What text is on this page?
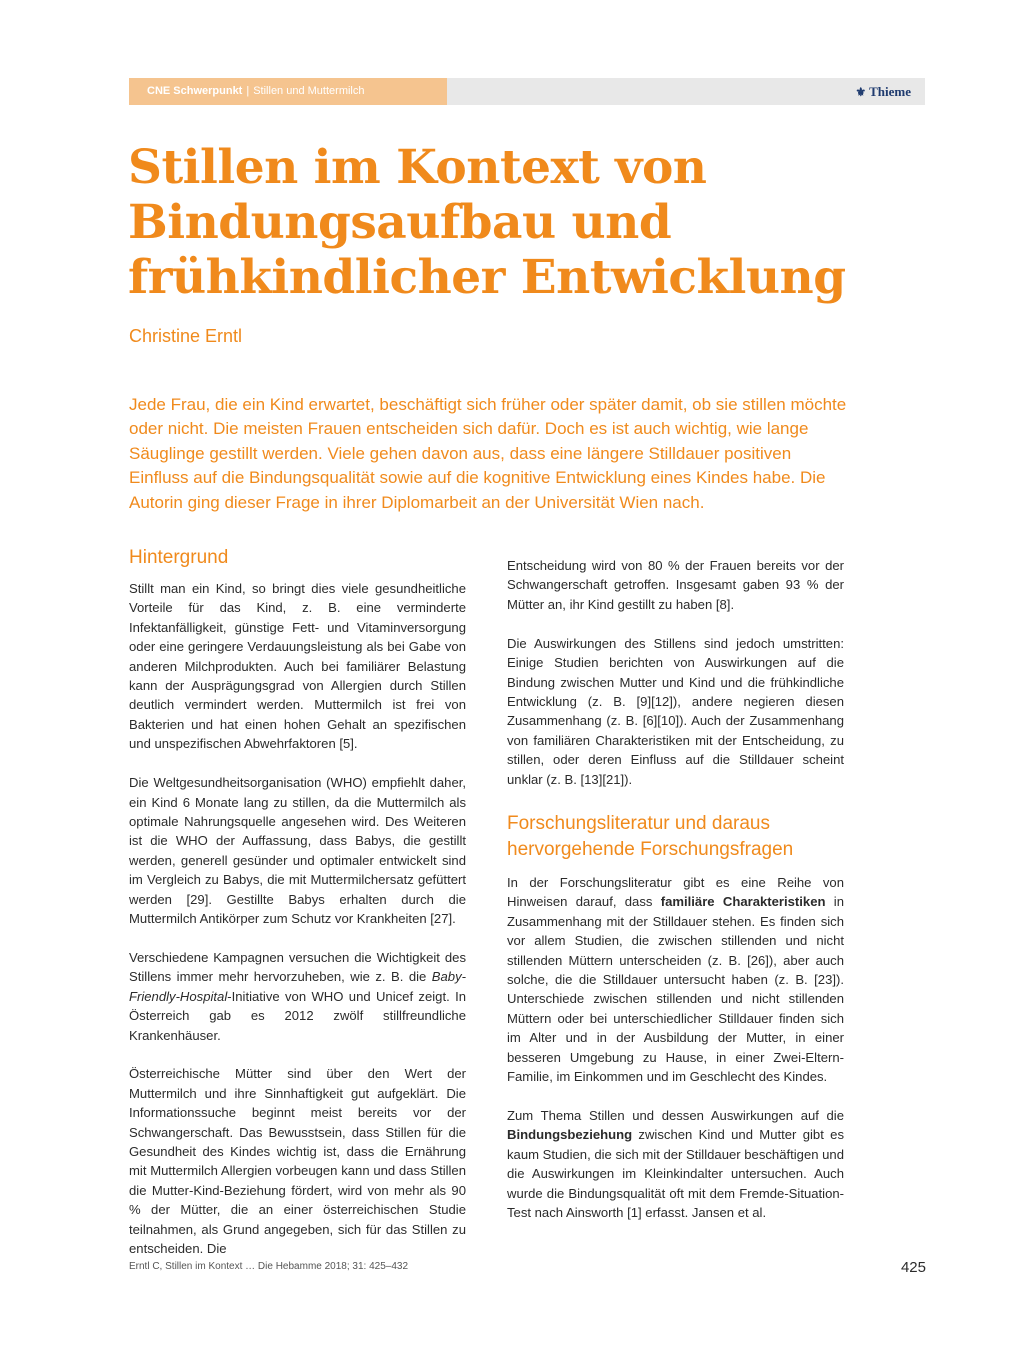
CNE Schwerpunkt | Stillen und Muttermilch	⚜ Thieme
Stillen im Kontext von
Bindungsaufbau und
frühkindlicher Entwicklung
Christine Erntl

Jede Frau, die ein Kind erwartet, beschäftigt sich früher oder später damit, ob sie stillen möchte oder nicht. Die meisten Frauen entscheiden sich dafür. Doch es ist auch wichtig, wie lange Säuglinge gestillt werden. Viele gehen davon aus, dass eine längere Stilldauer positiven Einfluss auf die Bindungsqualität sowie auf die kognitive Entwicklung eines Kindes habe. Die Autorin ging dieser Frage in ihrer Diplomarbeit an der Universität Wien nach.

Hintergrund

Stillt man ein Kind, so bringt dies viele gesundheitliche Vorteile für das Kind, z. B. eine verminderte Infektanfälligkeit, günstige Fett- und Vitaminversorgung oder eine geringere Verdauungsleistung als bei Gabe von anderen Milchprodukten. Auch bei familiärer Belastung kann der Ausprägungsgrad von Allergien durch Stillen deutlich vermindert werden. Muttermilch ist frei von Bakterien und hat einen hohen Gehalt an spezifischen und unspezifischen Abwehrfaktoren [5].

Die Weltgesundheitsorganisation (WHO) empfiehlt daher, ein Kind 6 Monate lang zu stillen, da die Muttermilch als optimale Nahrungsquelle angesehen wird. Des Weiteren ist die WHO der Auffassung, dass Babys, die gestillt werden, generell gesünder und optimaler entwickelt sind im Vergleich zu Babys, die mit Muttermilchersatz gefüttert werden [29]. Gestillte Babys erhalten durch die Muttermilch Antikörper zum Schutz vor Krankheiten [27].

Verschiedene Kampagnen versuchen die Wichtigkeit des Stillens immer mehr hervorzuheben, wie z. B. die Baby-Friendly-Hospital-Initiative von WHO und Unicef zeigt. In Österreich gab es 2012 zwölf stillfreundliche Krankenhäuser.

Österreichische Mütter sind über den Wert der Muttermilch und ihre Sinnhaftigkeit gut aufgeklärt. Die Informationssuche beginnt meist bereits vor der Schwangerschaft. Das Bewusstsein, dass Stillen für die Gesundheit des Kindes wichtig ist, dass die Ernährung mit Muttermilch Allergien vorbeugen kann und dass Stillen die Mutter-Kind-Beziehung fördert, wird von mehr als 90 % der Mütter, die an einer österreichischen Studie teilnahmen, als Grund angegeben, sich für das Stillen zu entscheiden. Die

Entscheidung wird von 80 % der Frauen bereits vor der Schwangerschaft getroffen. Insgesamt gaben 93 % der Mütter an, ihr Kind gestillt zu haben [8].

Die Auswirkungen des Stillens sind jedoch umstritten: Einige Studien berichten von Auswirkungen auf die Bindung zwischen Mutter und Kind und die frühkindliche Entwicklung (z. B. [9][12]), andere negieren diesen Zusammenhang (z. B. [6][10]). Auch der Zusammenhang von familiären Charakteristiken mit der Entscheidung, zu stillen, oder deren Einfluss auf die Stilldauer scheint unklar (z. B. [13][21]).

Forschungsliteratur und daraus hervorgehende Forschungsfragen

In der Forschungsliteratur gibt es eine Reihe von Hinweisen darauf, dass familiäre Charakteristiken in Zusammenhang mit der Stilldauer stehen. Es finden sich vor allem Studien, die zwischen stillenden und nicht stillenden Müttern unterscheiden (z. B. [26]), aber auch solche, die die Stilldauer untersucht haben (z. B. [23]). Unterschiede zwischen stillenden und nicht stillenden Müttern oder bei unterschiedlicher Stilldauer finden sich im Alter und in der Ausbildung der Mutter, in einer besseren Umgebung zu Hause, in einer Zwei-Eltern-Familie, im Einkommen und im Geschlecht des Kindes.

Zum Thema Stillen und dessen Auswirkungen auf die Bindungsbeziehung zwischen Kind und Mutter gibt es kaum Studien, die sich mit der Stilldauer beschäftigen und die Auswirkungen im Kleinkindalter untersuchen. Auch wurde die Bindungsqualität oft mit dem Fremde-Situation-Test nach Ainsworth [1] erfasst. Jansen et al.

Erntl C, Stillen im Kontext … Die Hebamme 2018; 31: 425–432	425
